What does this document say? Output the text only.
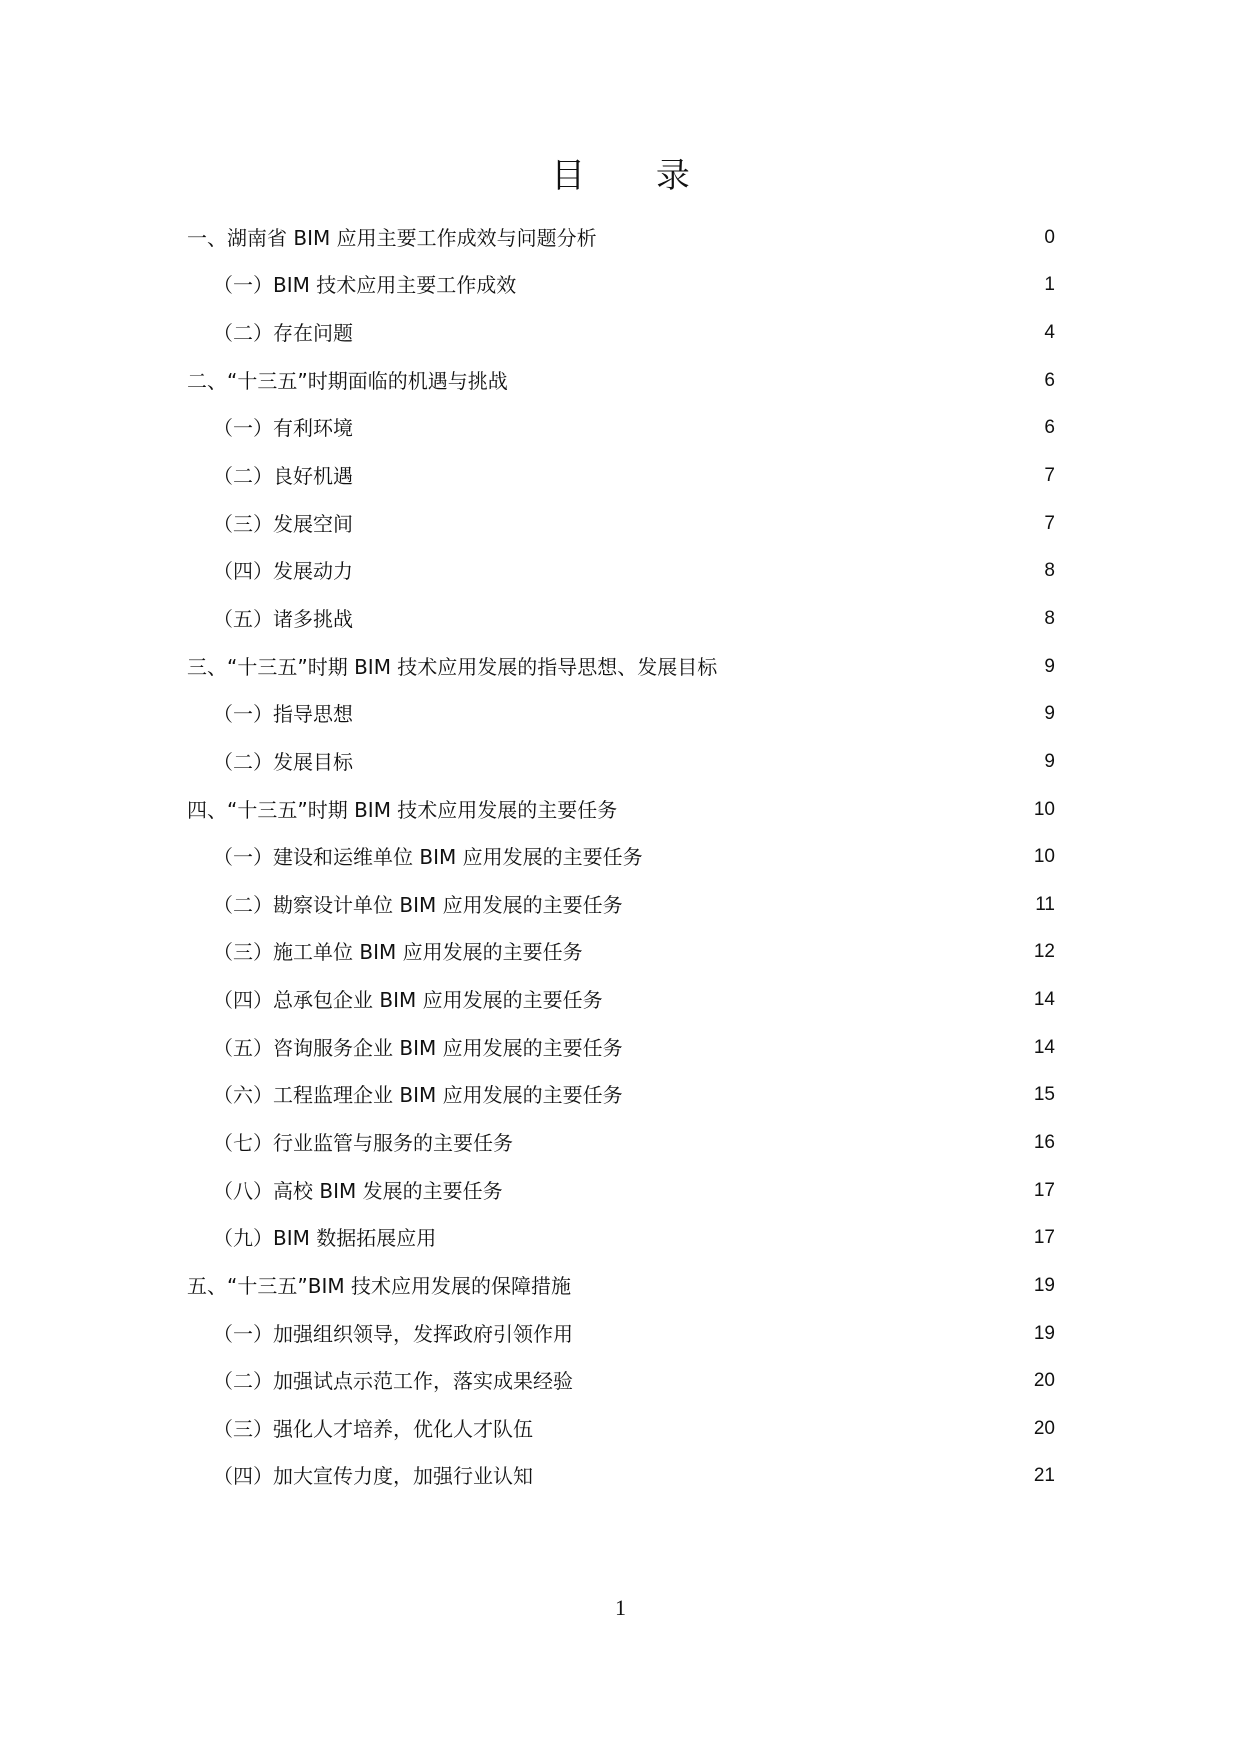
目 录
一、湖南省 BIM 应用主要工作成效与问题分析	0
（一）BIM 技术应用主要工作成效	1
（二）存在问题	4
二、“十三五”时期面临的机遇与挑战	6
（一）有利环境	6
（二）良好机遇	7
（三）发展空间	7
（四）发展动力	8
（五）诸多挑战	8
三、“十三五”时期 BIM 技术应用发展的指导思想、发展目标	9
（一）指导思想	9
（二）发展目标	9
四、“十三五”时期 BIM 技术应用发展的主要任务	10
（一）建设和运维单位 BIM 应用发展的主要任务	10
（二）勘察设计单位 BIM 应用发展的主要任务	11
（三）施工单位 BIM 应用发展的主要任务	12
（四）总承包企业 BIM 应用发展的主要任务	14
（五）咨询服务企业 BIM 应用发展的主要任务	14
（六）工程监理企业 BIM 应用发展的主要任务	15
（七）行业监管与服务的主要任务	16
（八）高校 BIM 发展的主要任务	17
（九）BIM 数据拓展应用	17
五、“十三五”BIM 技术应用发展的保障措施	19
（一）加强组织领导，发挥政府引领作用	19
（二）加强试点示范工作，落实成果经验	20
（三）强化人才培养，优化人才队伍	20
（四）加大宣传力度，加强行业认知	21
1
